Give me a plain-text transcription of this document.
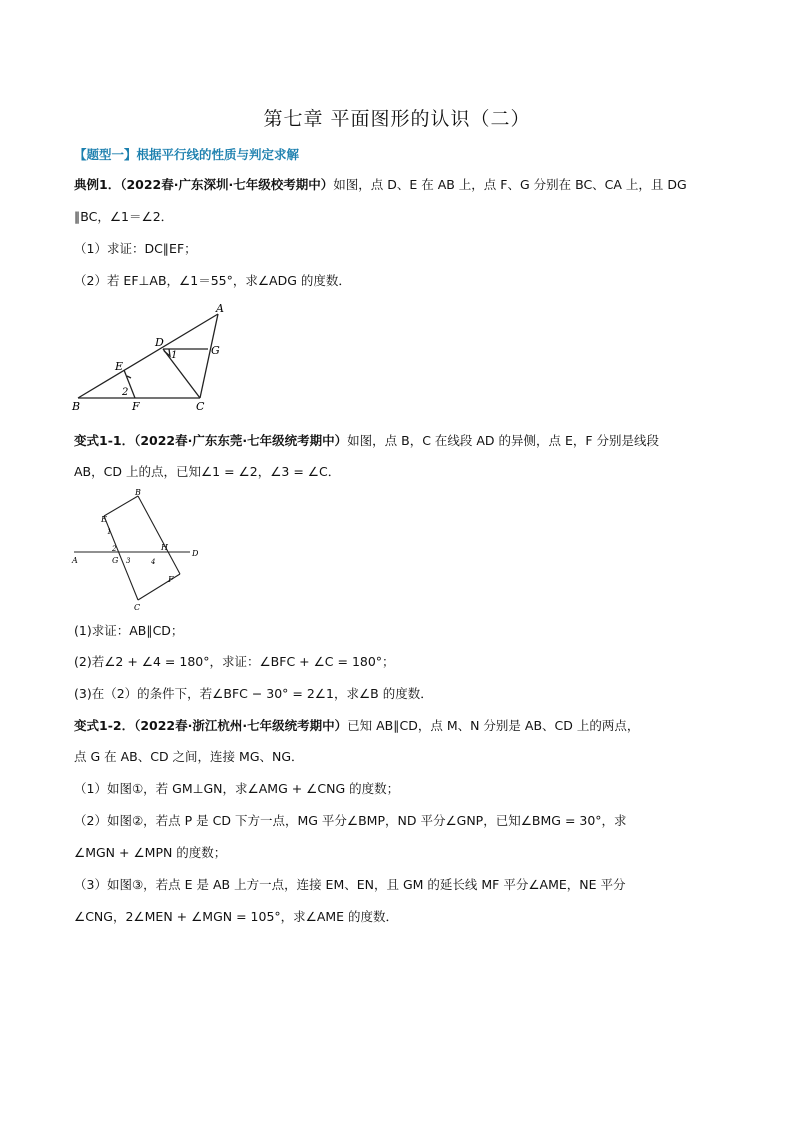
第七章 平面图形的认识（二）
【题型一】根据平行线的性质与判定求解
典例1．（2022春·广东深圳·七年级校考期中）如图，点 D、E 在 AB 上，点 F、G 分别在 BC、CA 上，且 DG
∥BC，∠1＝∠2．
（1）求证：DC∥EF；
（2）若 EF⊥AB，∠1＝55°，求∠ADG 的度数．
A
D
G
1
E
2
B	F	C
变式1-1．（2022春·广东东莞·七年级统考期中）如图，点 B，C 在线段 AD 的异侧，点 E，F 分别是线段
AB，CD 上的点，已知∠1 = ∠2，∠3 = ∠C．
B
E
1
2	H
D
A	G 3	4
F
C
(1)求证：AB∥CD；
(2)若∠2 + ∠4 = 180°，求证：∠BFC + ∠C = 180°；
(3)在（2）的条件下，若∠BFC − 30° = 2∠1，求∠B 的度数．
变式1-2．（2022春·浙江杭州·七年级统考期中）已知 AB∥CD，点 M、N 分别是 AB、CD 上的两点，
点 G 在 AB、CD 之间，连接 MG、NG．
（1）如图①，若 GM⊥GN，求∠AMG + ∠CNG 的度数；
（2）如图②，若点 P 是 CD 下方一点，MG 平分∠BMP，ND 平分∠GNP，已知∠BMG = 30°，求
∠MGN + ∠MPN 的度数；
（3）如图③，若点 E 是 AB 上方一点，连接 EM、EN，且 GM 的延长线 MF 平分∠AME，NE 平分
∠CNG，2∠MEN + ∠MGN = 105°，求∠AME 的度数．
